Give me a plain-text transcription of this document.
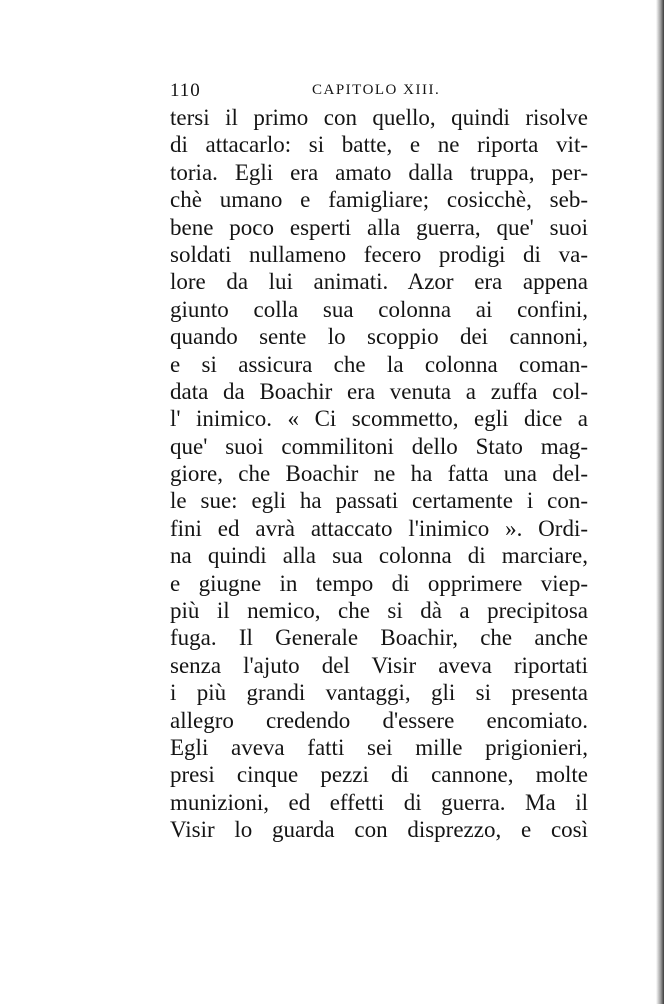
110	CAPITOLO XIII.
tersi il primo con quello, quindi risolve
di attacarlo: si batte, e ne riporta vit-
toria. Egli era amato dalla truppa, per-
chè umano e famigliare; cosicchè, seb-
bene poco esperti alla guerra, que' suoi
soldati nullameno fecero prodigi di va-
lore da lui animati. Azor era appena
giunto colla sua colonna ai confini,
quando sente lo scoppio dei cannoni,
e si assicura che la colonna coman-
data da Boachir era venuta a zuffa col-
l' inimico. « Ci scommetto, egli dice a
que' suoi commilitoni dello Stato mag-
giore, che Boachir ne ha fatta una del-
le sue: egli ha passati certamente i con-
fini ed avrà attaccato l'inimico ». Ordi-
na quindi alla sua colonna di marciare,
e giugne in tempo di opprimere viep-
più il nemico, che si dà a precipitosa
fuga. Il Generale Boachir, che anche
senza l'ajuto del Visir aveva riportati
i più grandi vantaggi, gli si presenta
allegro credendo d'essere encomiato.
Egli aveva fatti sei mille prigionieri,
presi cinque pezzi di cannone, molte
munizioni, ed effetti di guerra. Ma il
Visir lo guarda con disprezzo, e così
